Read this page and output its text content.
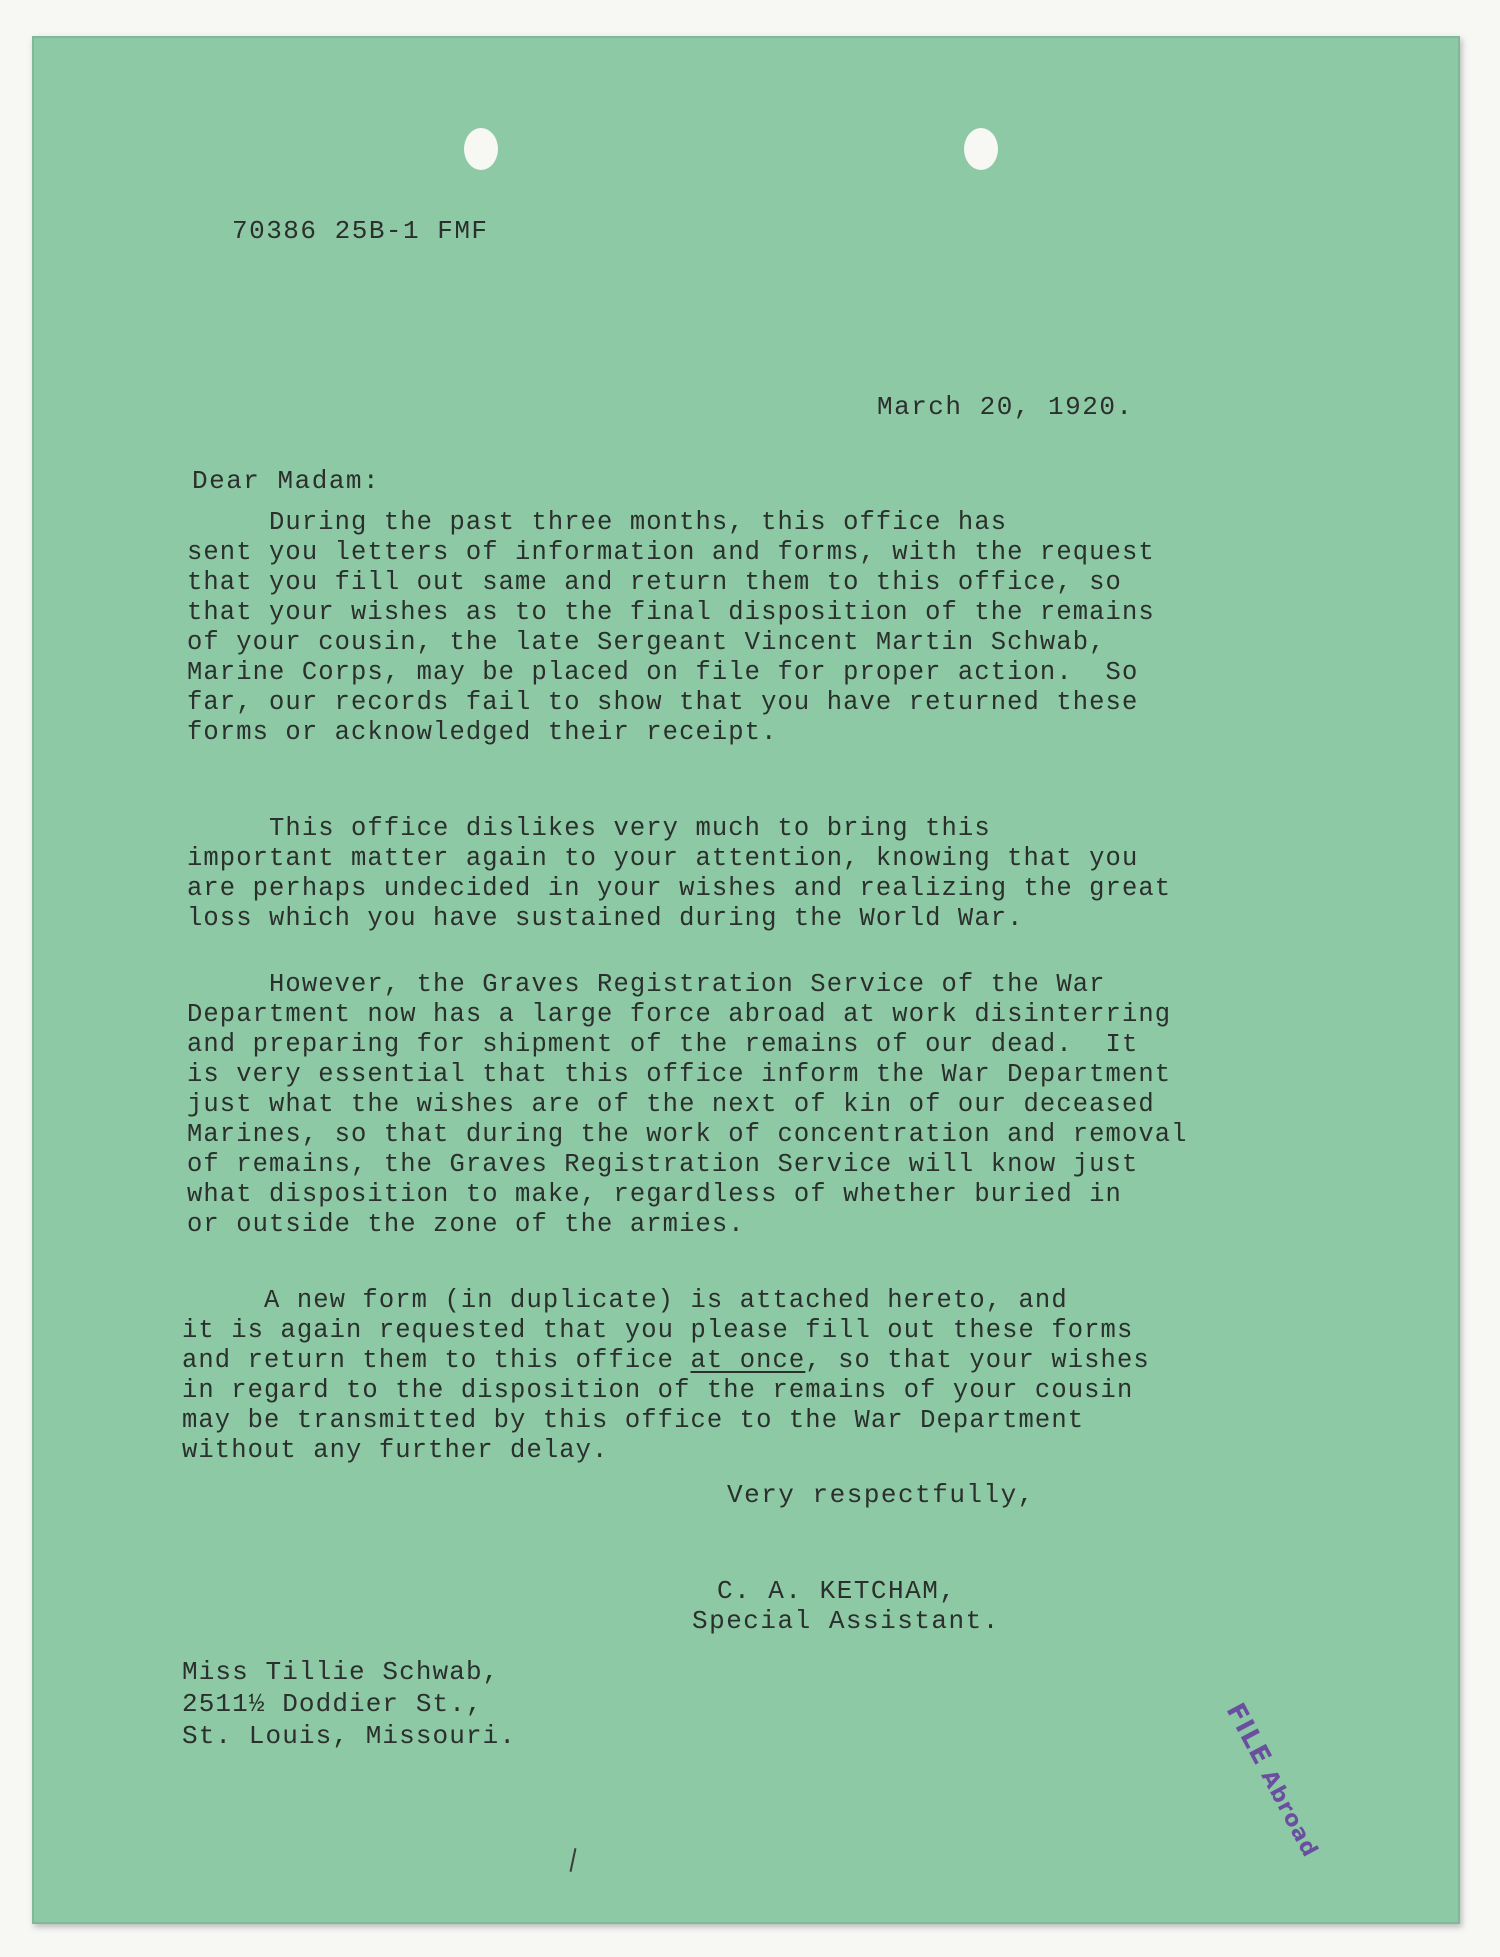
70386 25B-1 FMF
March 20, 1920.
Dear Madam:
During the past three months, this office has
sent you letters of information and forms, with the request
that you fill out same and return them to this office, so
that your wishes as to the final disposition of the remains
of your cousin, the late Sergeant Vincent Martin Schwab,
Marine Corps, may be placed on file for proper action.  So
far, our records fail to show that you have returned these
forms or acknowledged their receipt.
This office dislikes very much to bring this
important matter again to your attention, knowing that you
are perhaps undecided in your wishes and realizing the great
loss which you have sustained during the World War.
However, the Graves Registration Service of the War
Department now has a large force abroad at work disinterring
and preparing for shipment of the remains of our dead.  It
is very essential that this office inform the War Department
just what the wishes are of the next of kin of our deceased
Marines, so that during the work of concentration and removal
of remains, the Graves Registration Service will know just
what disposition to make, regardless of whether buried in
or outside the zone of the armies.
A new form (in duplicate) is attached hereto, and
it is again requested that you please fill out these forms
and return them to this office at once, so that your wishes
in regard to the disposition of the remains of your cousin
may be transmitted by this office to the War Department
without any further delay.
Very respectfully,
C. A. KETCHAM,
Special Assistant.
Miss Tillie Schwab,
2511½ Doddier St.,
St. Louis, Missouri.	FILE Abroad
